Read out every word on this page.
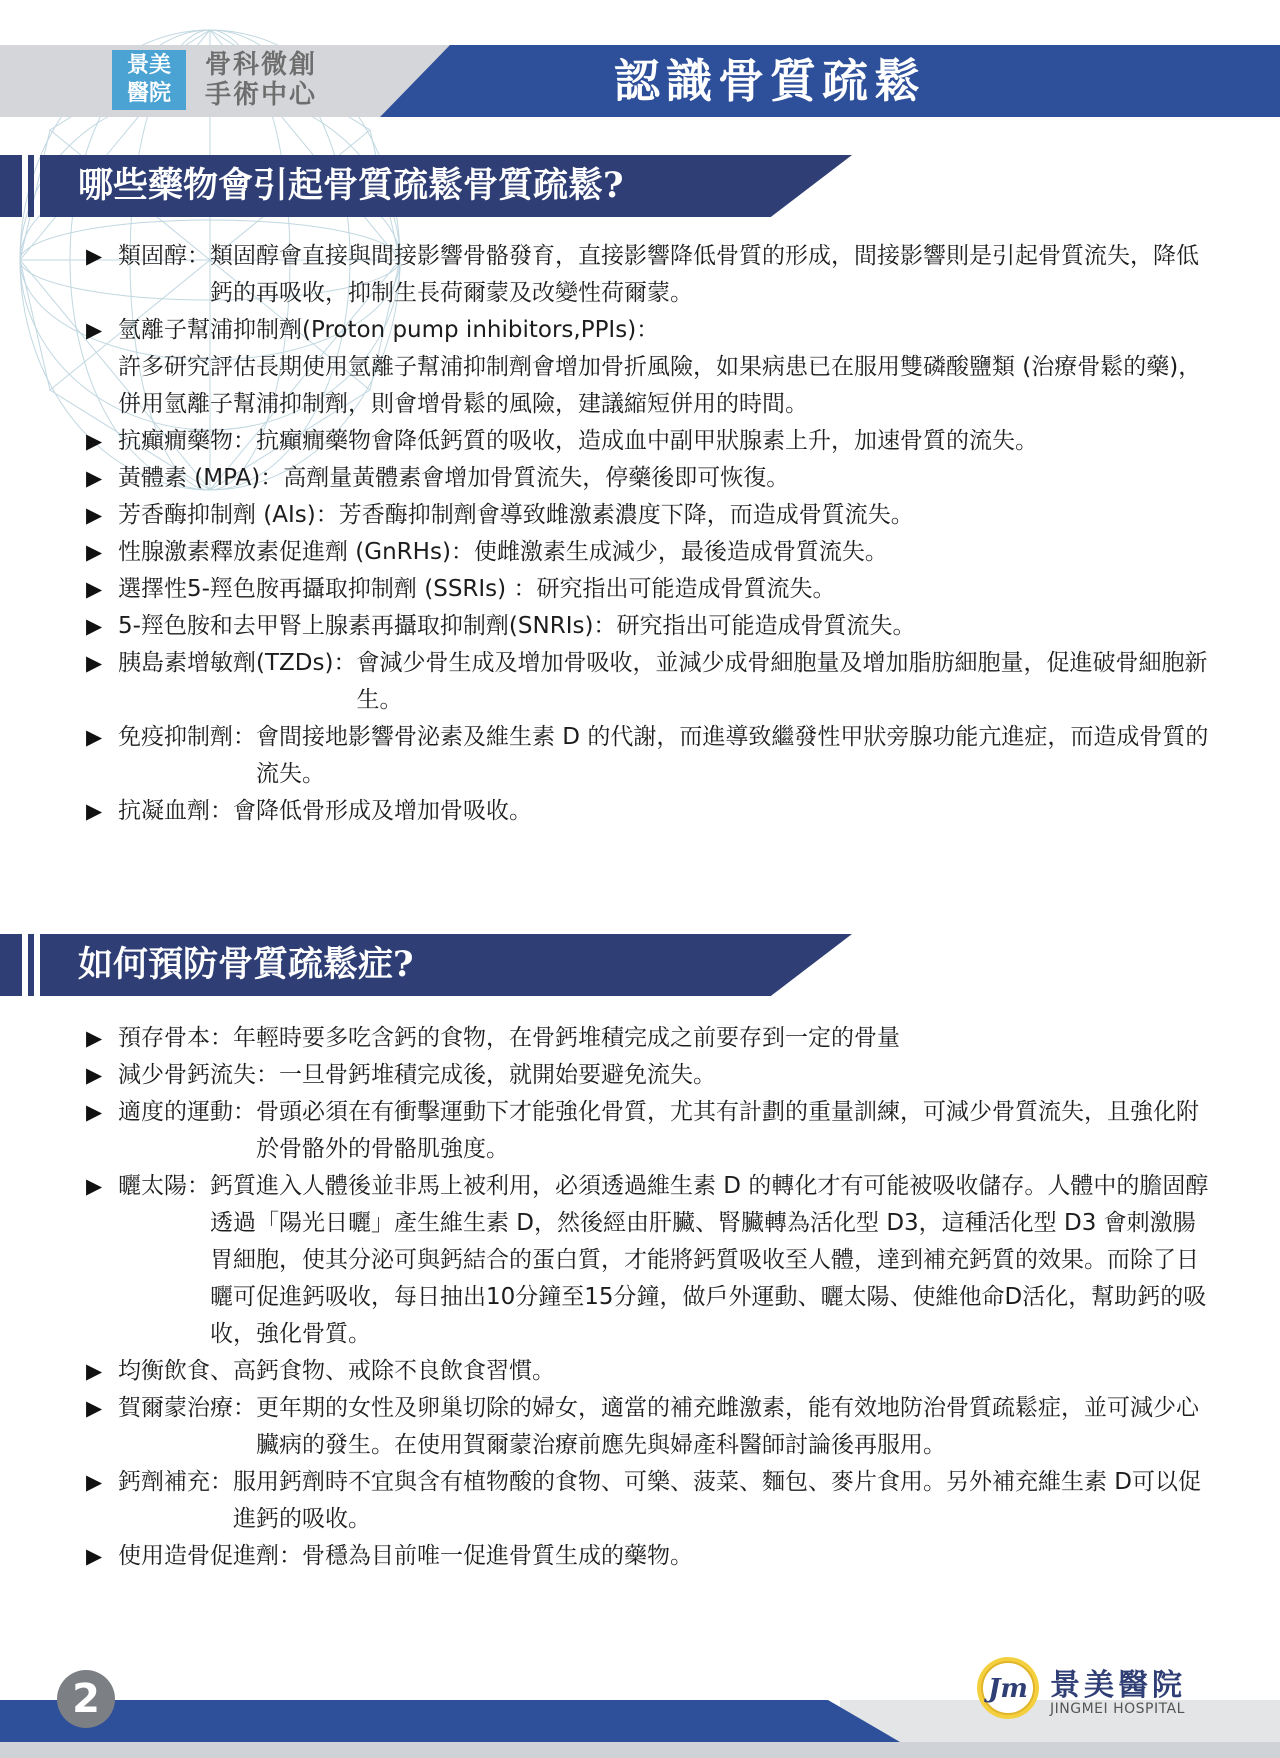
景美
醫院
骨科微創
手術中心	認識骨質疏鬆
哪些藥物會引起骨質疏鬆骨質疏鬆?
▶ 類固醇： 類固醇會直接與間接影響骨骼發育，直接影響降低骨質的形成，間接影響則是引起骨質流失，降低鈣的再吸收，抑制生長荷爾蒙及改變性荷爾蒙。
▶ 氫離子幫浦抑制劑(Proton pump inhibitors,PPIs)：
許多研究評估長期使用氫離子幫浦抑制劑會增加骨折風險，如果病患已在服用雙磷酸鹽類 (治療骨鬆的藥)，併用氫離子幫浦抑制劑，則會增骨鬆的風險，建議縮短併用的時間。
▶ 抗癲癇藥物： 抗癲癇藥物會降低鈣質的吸收，造成血中副甲狀腺素上升，加速骨質的流失。
▶ 黃體素 (MPA)： 高劑量黃體素會增加骨質流失，停藥後即可恢復。
▶ 芳香酶抑制劑 (AIs)： 芳香酶抑制劑會導致雌激素濃度下降，而造成骨質流失。
▶ 性腺激素釋放素促進劑 (GnRHs)： 使雌激素生成減少，最後造成骨質流失。
▶ 選擇性5-羥色胺再攝取抑制劑 (SSRIs) ： 研究指出可能造成骨質流失。
▶ 5-羥色胺和去甲腎上腺素再攝取抑制劑(SNRIs)： 研究指出可能造成骨質流失。
▶ 胰島素增敏劑(TZDs)： 會減少骨生成及增加骨吸收，並減少成骨細胞量及增加脂肪細胞量，促進破骨細胞新生。
▶ 免疫抑制劑： 會間接地影響骨泌素及維生素 D 的代謝，而進導致繼發性甲狀旁腺功能亢進症，而造成骨質的流失。
▶ 抗凝血劑： 會降低骨形成及增加骨吸收。
如何預防骨質疏鬆症?
▶ 預存骨本： 年輕時要多吃含鈣的食物，在骨鈣堆積完成之前要存到一定的骨量
▶ 減少骨鈣流失： 一旦骨鈣堆積完成後，就開始要避免流失。
▶ 適度的運動： 骨頭必須在有衝擊運動下才能強化骨質，尤其有計劃的重量訓練，可減少骨質流失，且強化附於骨骼外的骨骼肌強度。
▶ 曬太陽： 鈣質進入人體後並非馬上被利用，必須透過維生素 D 的轉化才有可能被吸收儲存。人體中的膽固醇透過「陽光日曬」產生維生素 D，然後經由肝臟、腎臟轉為活化型 D3，這種活化型 D3 會刺激腸胃細胞，使其分泌可與鈣結合的蛋白質，才能將鈣質吸收至人體，達到補充鈣質的效果。而除了日曬可促進鈣吸收，每日抽出10分鐘至15分鐘，做戶外運動、曬太陽、使維他命D活化，幫助鈣的吸收，強化骨質。
▶ 均衡飲食、高鈣食物、戒除不良飲食習慣。
▶ 賀爾蒙治療： 更年期的女性及卵巢切除的婦女，適當的補充雌激素，能有效地防治骨質疏鬆症，並可減少心臟病的發生。在使用賀爾蒙治療前應先與婦產科醫師討論後再服用。
▶ 鈣劑補充： 服用鈣劑時不宜與含有植物酸的食物、可樂、菠菜、麵包、麥片食用。另外補充維生素 D可以促進鈣的吸收。
▶ 使用造骨促進劑： 骨穩為目前唯一促進骨質生成的藥物。
2	Jm 景美醫院
JINGMEI HOSPITAL
